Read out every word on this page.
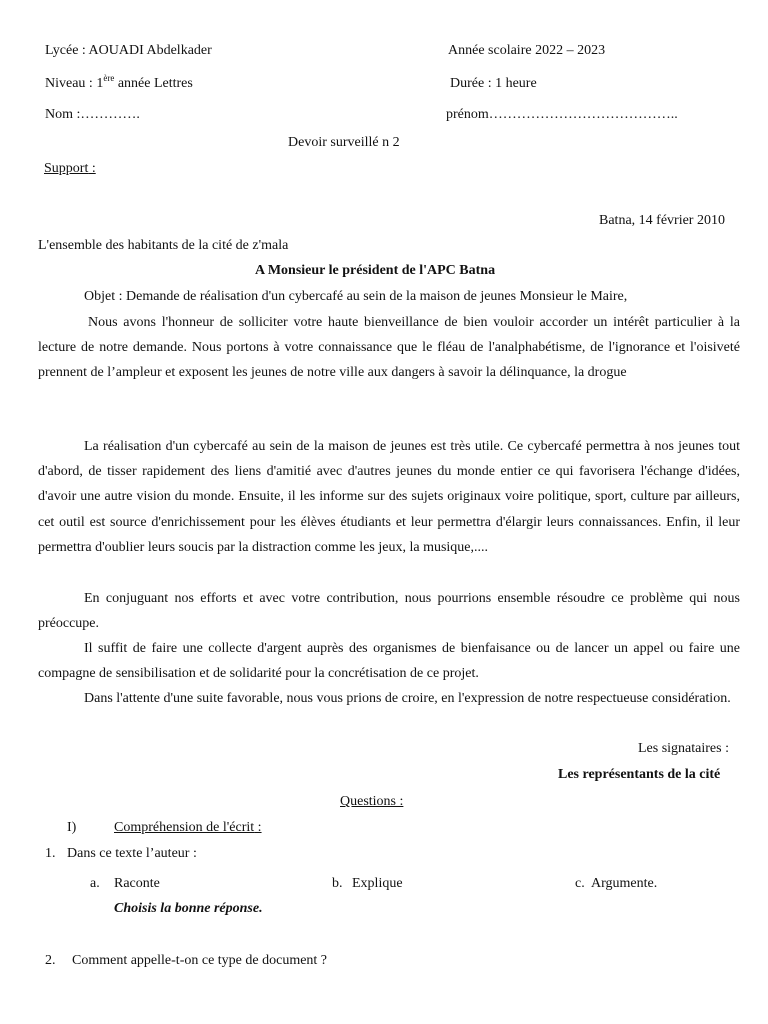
Lycée : AOUADI Abdelkader	Année scolaire 2022 – 2023
Niveau : 1ère année Lettres	Durée : 1 heure
Nom :………….	prénom…………………………………..
Devoir surveillé n 2
Support :
Batna, 14 février 2010
L'ensemble des habitants de la cité de z'mala
A Monsieur le président de l'APC Batna
Objet : Demande de réalisation d'un cybercafé au sein de la maison de jeunes Monsieur le Maire,

Nous avons l'honneur de solliciter votre haute bienveillance de bien vouloir accorder un intérêt particulier à la lecture de notre demande. Nous portons à votre connaissance que le fléau de l'analphabétisme, de l'ignorance et l'oisiveté prennent de l’ampleur et exposent les jeunes de notre ville aux dangers à savoir la délinquance, la drogue

La réalisation d'un cybercafé au sein de la maison de jeunes est très utile. Ce cybercafé permettra à nos jeunes tout d'abord, de tisser rapidement des liens d'amitié avec d'autres jeunes du monde entier ce qui favorisera l'échange d'idées, d'avoir une autre vision du monde. Ensuite, il les informe sur des sujets originaux voire politique, sport, culture par ailleurs, cet outil est source d'enrichissement pour les élèves étudiants et leur permettra d'élargir leurs connaissances. Enfin, il leur permettra d'oublier leurs soucis par la distraction comme les jeux, la musique,....

En conjuguant nos efforts et avec votre contribution, nous pourrions ensemble résoudre ce problème qui nous préoccupe.

Il suffit de faire une collecte d'argent auprès des organismes de bienfaisance ou de lancer un appel ou faire une compagne de sensibilisation et de solidarité pour la concrétisation de ce projet.

Dans l'attente d'une suite favorable, nous vous prions de croire, en l'expression de notre respectueuse considération.

Les signataires :
Les représentants de la cité
Questions :
I)	Compréhension de l'écrit :
1. Dans ce texte l’auteur :
a. Raconte	b. Explique	c. Argumente.
Choisis la bonne réponse.
2. Comment appelle-t-on ce type de document ?
